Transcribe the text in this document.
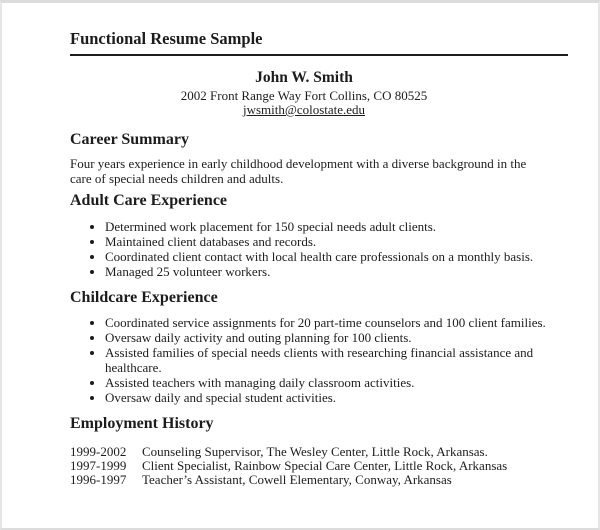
Functional Resume Sample
John W. Smith
2002 Front Range Way Fort Collins, CO 80525
jwsmith@colostate.edu
Career Summary

Four years experience in early childhood development with a diverse background in the care of special needs children and adults.

Adult Care Experience
• Determined work placement for 150 special needs adult clients.
• Maintained client databases and records.
• Coordinated client contact with local health care professionals on a monthly basis.
• Managed 25 volunteer workers.
Childcare Experience
• Coordinated service assignments for 20 part-time counselors and 100 client families.
• Oversaw daily activity and outing planning for 100 clients.
• Assisted families of special needs clients with researching financial assistance and healthcare.
• Assisted teachers with managing daily classroom activities.
• Oversaw daily and special student activities.
Employment History
1999-2002	Counseling Supervisor, The Wesley Center, Little Rock, Arkansas.
1997-1999	Client Specialist, Rainbow Special Care Center, Little Rock, Arkansas
1996-1997	Teacher’s Assistant, Cowell Elementary, Conway, Arkansas
